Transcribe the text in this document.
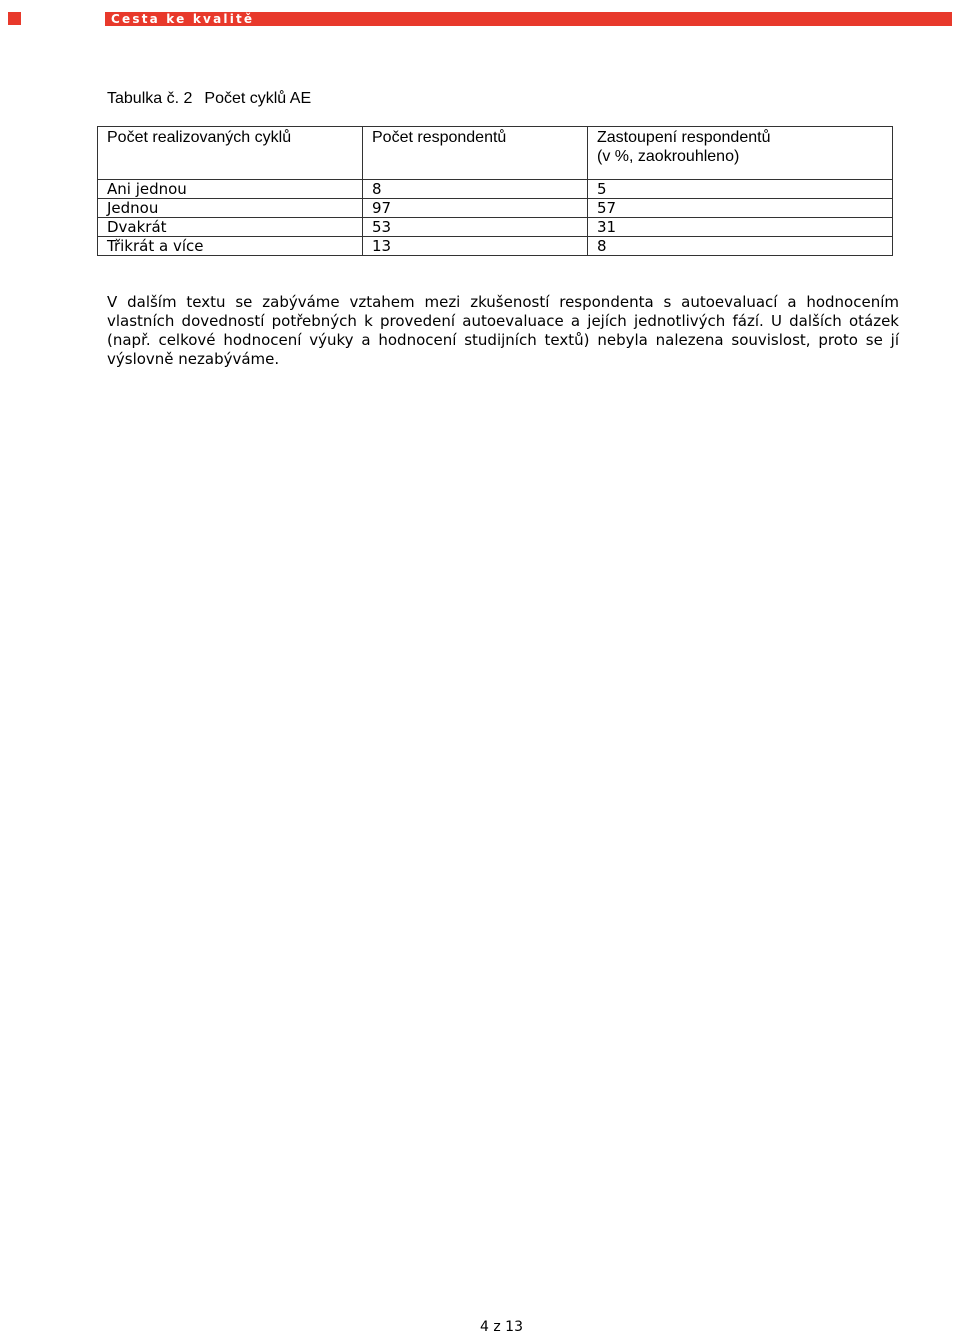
Cesta ke kvalitě
Tabulka č. 2 Počet cyklů AE
Počet realizovaných cyklů	Počet respondentů	Zastoupení respondentů
(v %, zaokrouhleno)
Ani jednou	8	5
Jednou	97	57
Dvakrát	53	31
Třikrát a více	13	8

V dalším textu se zabýváme vztahem mezi zkušeností respondenta s autoevaluací a hodnocením vlastních dovedností potřebných k provedení autoevaluace a jejích jednotlivých fází. U dalších otázek (např. celkové hodnocení výuky a hodnocení studijních textů) nebyla nalezena souvislost, proto se jí výslovně nezabýváme.

4 z 13
